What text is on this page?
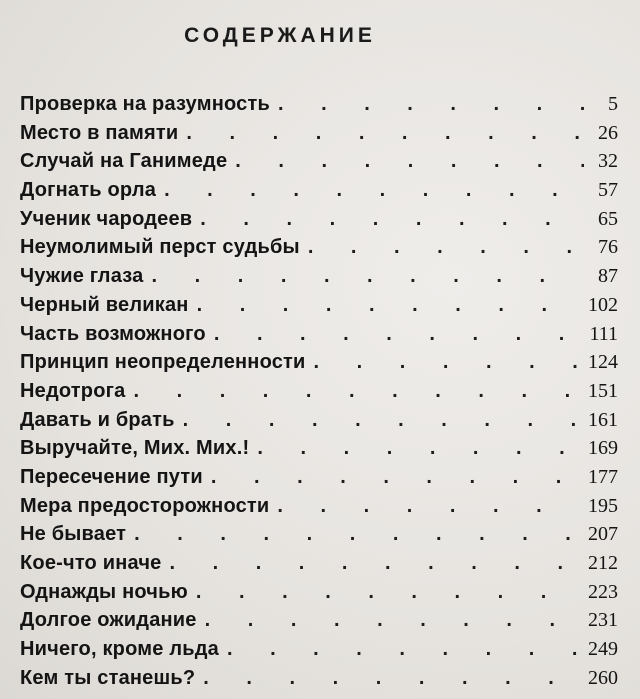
СОДЕРЖАНИЕ
Проверка на разумность . . .	5
Место в памяти . . .	26
Случай на Ганимеде . . .	32
Догнать орла . . .	57
Ученик чародеев . . .	65
Неумолимый перст судьбы . . .	76
Чужие глаза . . .	87
Черный великан . . .	102
Часть возможного . . .	111
Принцип неопределенности . . .	124
Недотрога . . .	151
Давать и брать . . .	161
Выручайте, Мих. Мих.! . . .	169
Пересечение пути . . .	177
Мера предосторожности . . .	195
Не бывает . . .	207
Кое-что иначе . . .	212
Однажды ночью . . .	223
Долгое ожидание . . .	231
Ничего, кроме льда . . .	249
Кем ты станешь? . . .	260
